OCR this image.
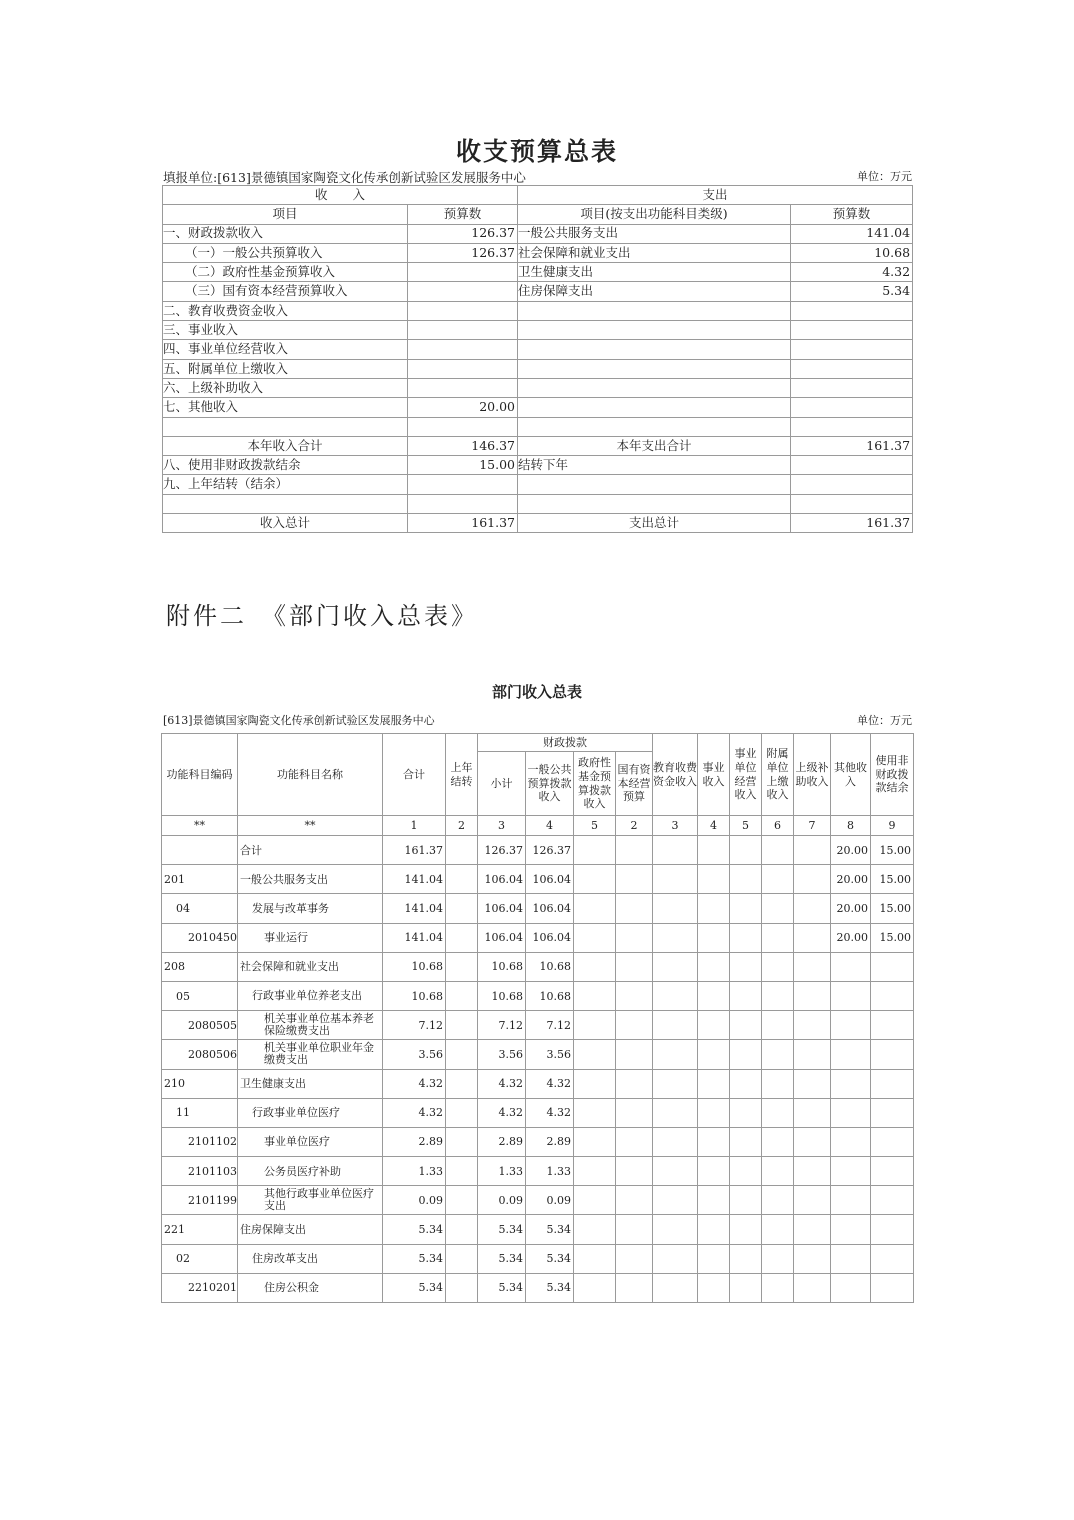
收支预算总表
填报单位:[613]景德镇国家陶瓷文化传承创新试验区发展服务中心	单位：万元
收　　入		支出	
项目	预算数	项目(按支出功能科目类级)	预算数
一、财政拨款收入	126.37	一般公共服务支出	141.04
（一）一般公共预算收入	126.37	社会保障和就业支出	10.68
（二）政府性基金预算收入		卫生健康支出	4.32
（三）国有资本经营预算收入		住房保障支出	5.34
二、教育收费资金收入			
三、事业收入			
四、事业单位经营收入			
五、附属单位上缴收入			
六、上级补助收入			
七、其他收入	20.00		

本年收入合计	146.37	本年支出合计	161.37
八、使用非财政拨款结余	15.00	结转下年	
九、上年结转（结余）			

收入总计	161.37	支出总计	161.37
附件二　《部门收入总表》
部门收入总表
[613]景德镇国家陶瓷文化传承创新试验区发展服务中心	单位：万元
功能科目编码	功能科目名称	合计	上年结转	财政拨款				教育收费资金收入	事业收入	事业单位经营收入	附属单位上缴收入	上级补助收入	其他收入	使用非财政拨款结余
				小计	一般公共预算拨款收入	政府性基金预算拨款收入	国有资本经营预算							
**	**	1	2	3	4	5	2	3	4	5	6	7	8	9
	合计	161.37		126.37	126.37								20.00	15.00
201	一般公共服务支出	141.04		106.04	106.04								20.00	15.00
04	发展与改革事务	141.04		106.04	106.04								20.00	15.00
2010450	事业运行	141.04		106.04	106.04								20.00	15.00
208	社会保障和就业支出	10.68		10.68	10.68									
05	行政事业单位养老支出	10.68		10.68	10.68									
2080505	机关事业单位基本养老保险缴费支出	7.12		7.12	7.12									
2080506	机关事业单位职业年金缴费支出	3.56		3.56	3.56									
210	卫生健康支出	4.32		4.32	4.32									
11	行政事业单位医疗	4.32		4.32	4.32									
2101102	事业单位医疗	2.89		2.89	2.89									
2101103	公务员医疗补助	1.33		1.33	1.33									
2101199	其他行政事业单位医疗支出	0.09		0.09	0.09									
221	住房保障支出	5.34		5.34	5.34									
02	住房改革支出	5.34		5.34	5.34									
2210201	住房公积金	5.34		5.34	5.34									
